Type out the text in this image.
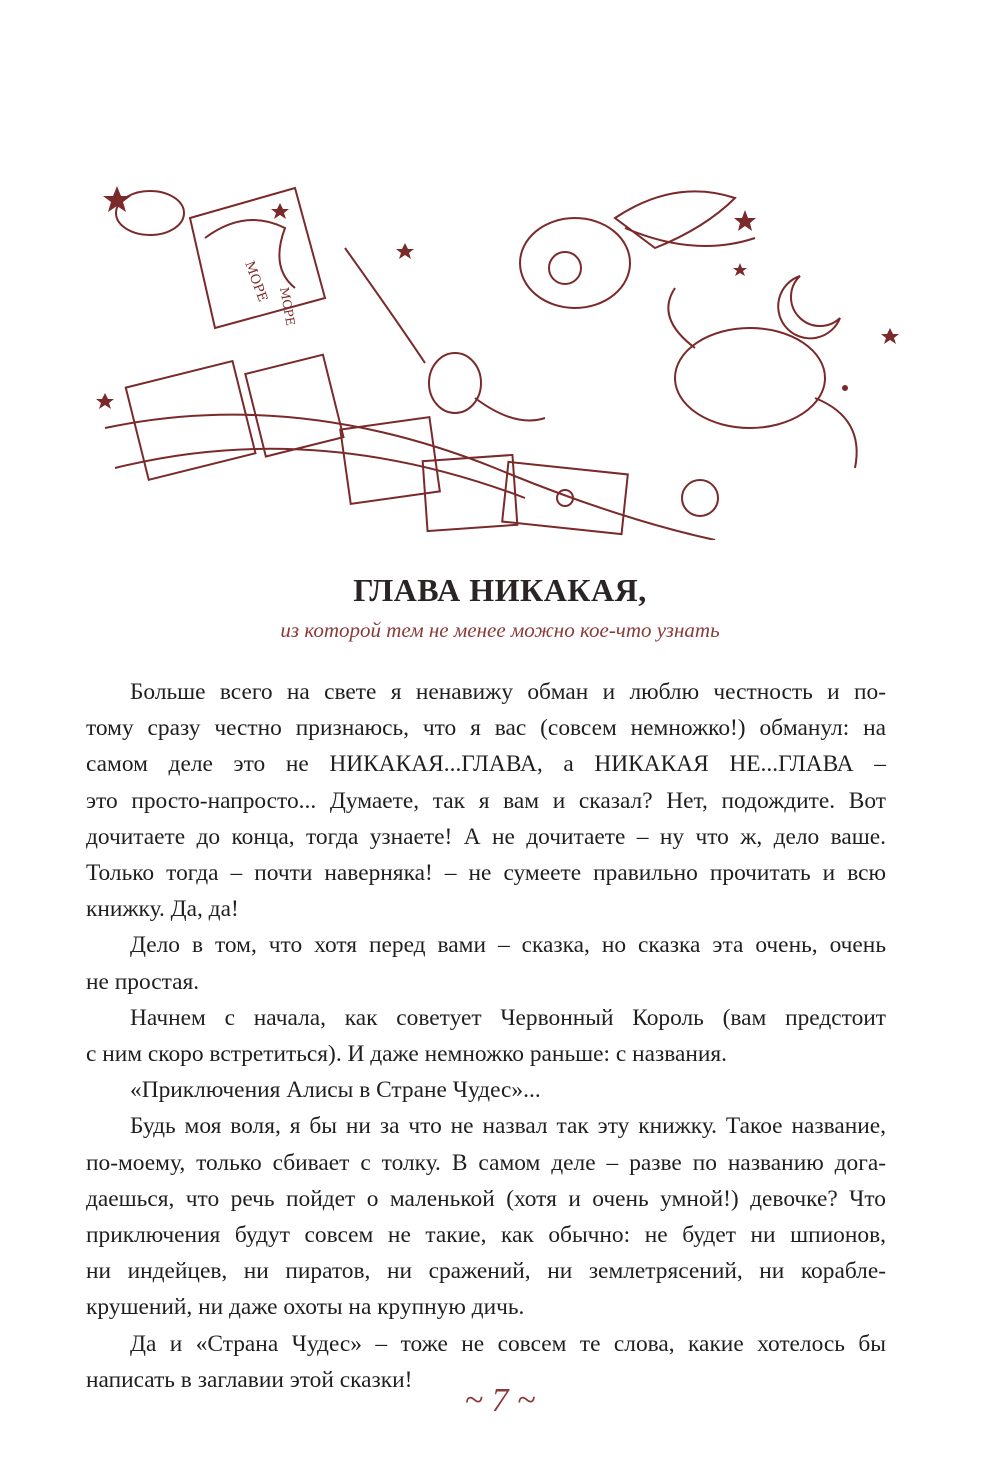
МОРЕ
МОРЕ
ГЛАВА НИКАКАЯ,
из которой тем не менее можно кое-что узнать
Больше всего на свете я ненавижу обман и люблю честность и по-
тому сразу честно признаюсь, что я вас (совсем немножко!) обманул: на
самом деле это не НИКАКАЯ...ГЛАВА, а НИКАКАЯ НЕ...ГЛАВА –
это просто-напросто... Думаете, так я вам и сказал? Нет, подождите. Вот
дочитаете до конца, тогда узнаете! А не дочитаете – ну что ж, дело ваше.
Только тогда – почти наверняка! – не сумеете правильно прочитать и всю
книжку. Да, да!
Дело в том, что хотя перед вами – сказка, но сказка эта очень, очень
не простая.
Начнем с начала, как советует Червонный Король (вам предстоит
с ним скоро встретиться). И даже немножко раньше: с названия.
«Приключения Алисы в Стране Чудес»...
Будь моя воля, я бы ни за что не назвал так эту книжку. Такое название,
по-моему, только сбивает с толку. В самом деле – разве по названию дога-
даешься, что речь пойдет о маленькой (хотя и очень умной!) девочке? Что
приключения будут совсем не такие, как обычно: не будет ни шпионов,
ни индейцев, ни пиратов, ни сражений, ни землетрясений, ни кораблe-
крушений, ни даже охоты на крупную дичь.
Да и «Страна Чудес» – тоже не совсем те слова, какие хотелось бы
написать в заглавии этой сказки!
~ 7 ~
